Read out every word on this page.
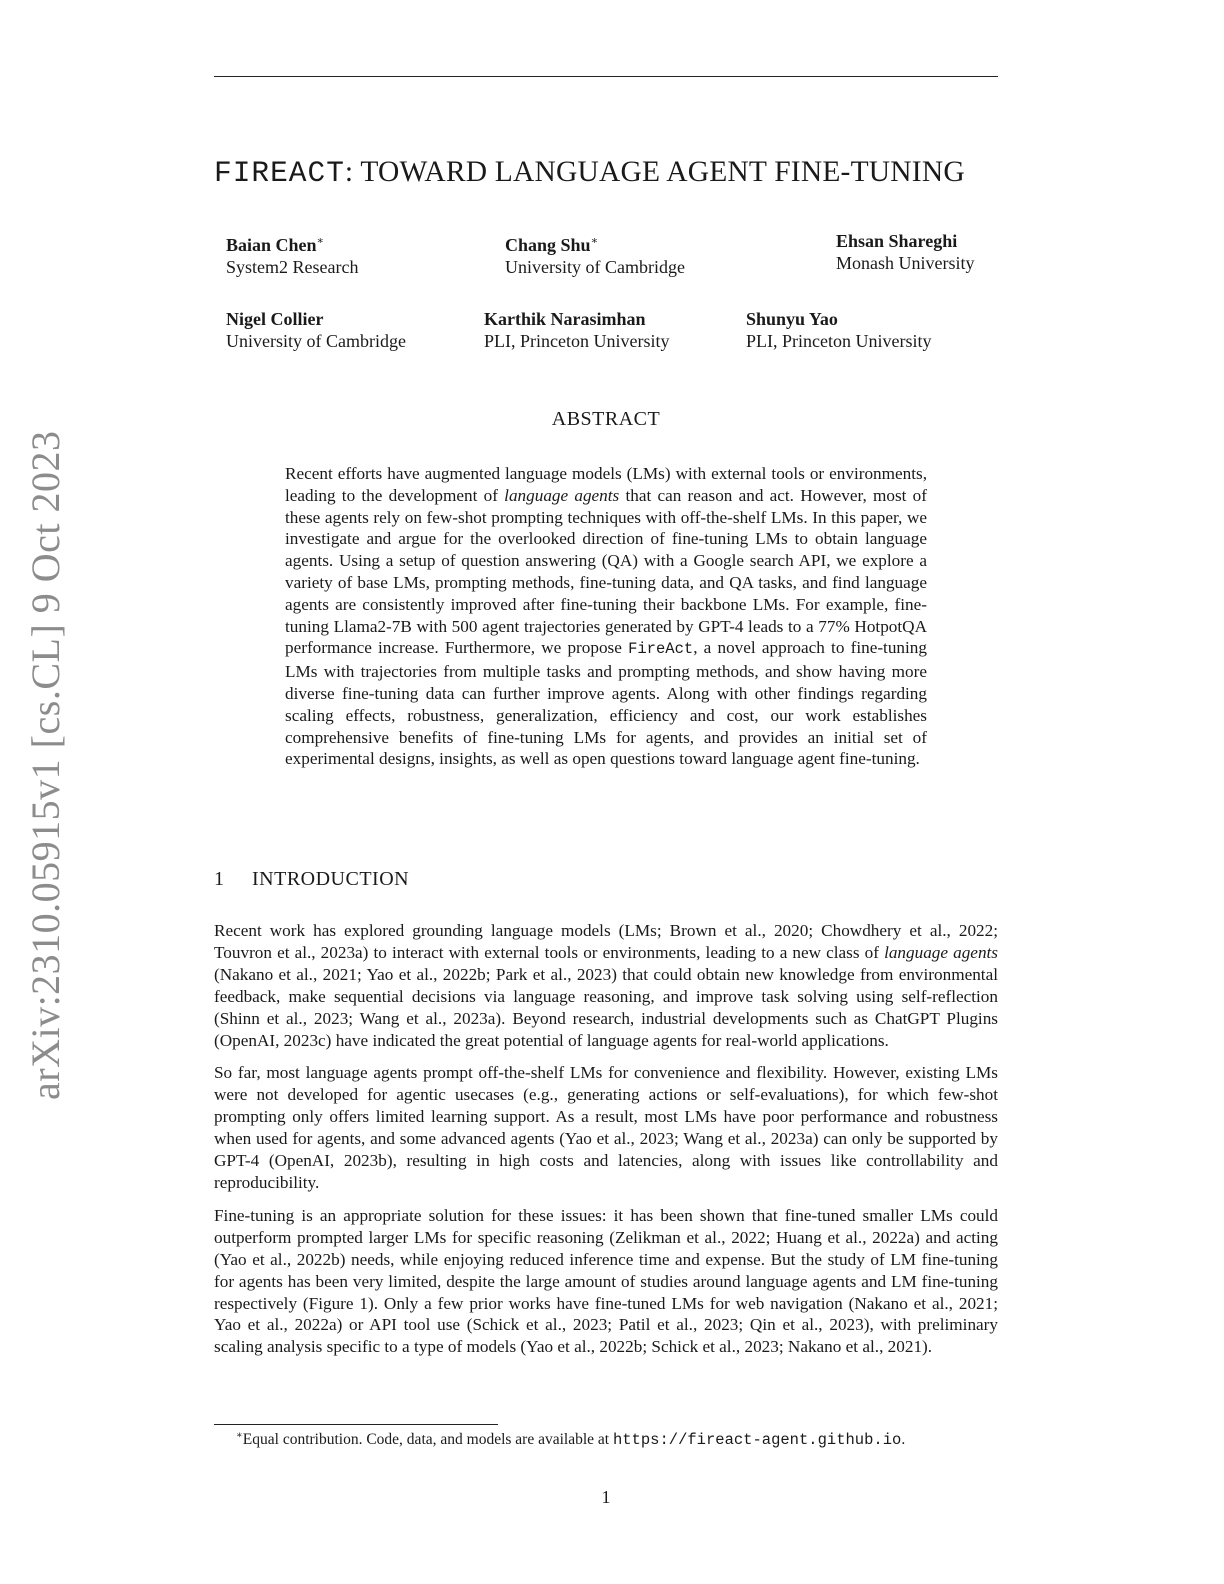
arXiv:2310.05915v1 [cs.CL] 9 Oct 2023
FIREACT: TOWARD LANGUAGE AGENT FINE-TUNING
Baian Chen∗
System2 Research
Chang Shu∗
University of Cambridge
Ehsan Shareghi
Monash University
Nigel Collier
University of Cambridge
Karthik Narasimhan
PLI, Princeton University
Shunyu Yao
PLI, Princeton University
ABSTRACT
Recent efforts have augmented language models (LMs) with external tools or environments, leading to the development of language agents that can reason and act. However, most of these agents rely on few-shot prompting techniques with off-the-shelf LMs. In this paper, we investigate and argue for the overlooked direction of fine-tuning LMs to obtain language agents. Using a setup of question answering (QA) with a Google search API, we explore a variety of base LMs, prompting methods, fine-tuning data, and QA tasks, and find language agents are consistently improved after fine-tuning their backbone LMs. For example, fine-tuning Llama2-7B with 500 agent trajectories generated by GPT-4 leads to a 77% HotpotQA performance increase. Furthermore, we propose FireAct, a novel approach to fine-tuning LMs with trajectories from multiple tasks and prompting methods, and show having more diverse fine-tuning data can further improve agents. Along with other findings regarding scaling effects, robustness, generalization, efficiency and cost, our work establishes comprehensive benefits of fine-tuning LMs for agents, and provides an initial set of experimental designs, insights, as well as open questions toward language agent fine-tuning.
1 INTRODUCTION

Recent work has explored grounding language models (LMs; Brown et al., 2020; Chowdhery et al., 2022; Touvron et al., 2023a) to interact with external tools or environments, leading to a new class of language agents (Nakano et al., 2021; Yao et al., 2022b; Park et al., 2023) that could obtain new knowledge from environmental feedback, make sequential decisions via language reasoning, and improve task solving using self-reflection (Shinn et al., 2023; Wang et al., 2023a). Beyond research, industrial developments such as ChatGPT Plugins (OpenAI, 2023c) have indicated the great potential of language agents for real-world applications.

So far, most language agents prompt off-the-shelf LMs for convenience and flexibility. However, existing LMs were not developed for agentic usecases (e.g., generating actions or self-evaluations), for which few-shot prompting only offers limited learning support. As a result, most LMs have poor performance and robustness when used for agents, and some advanced agents (Yao et al., 2023; Wang et al., 2023a) can only be supported by GPT-4 (OpenAI, 2023b), resulting in high costs and latencies, along with issues like controllability and reproducibility.

Fine-tuning is an appropriate solution for these issues: it has been shown that fine-tuned smaller LMs could outperform prompted larger LMs for specific reasoning (Zelikman et al., 2022; Huang et al., 2022a) and acting (Yao et al., 2022b) needs, while enjoying reduced inference time and expense. But the study of LM fine-tuning for agents has been very limited, despite the large amount of studies around language agents and LM fine-tuning respectively (Figure 1). Only a few prior works have fine-tuned LMs for web navigation (Nakano et al., 2021; Yao et al., 2022a) or API tool use (Schick et al., 2023; Patil et al., 2023; Qin et al., 2023), with preliminary scaling analysis specific to a type of models (Yao et al., 2022b; Schick et al., 2023; Nakano et al., 2021).

∗Equal contribution. Code, data, and models are available at https://fireact-agent.github.io.
1
